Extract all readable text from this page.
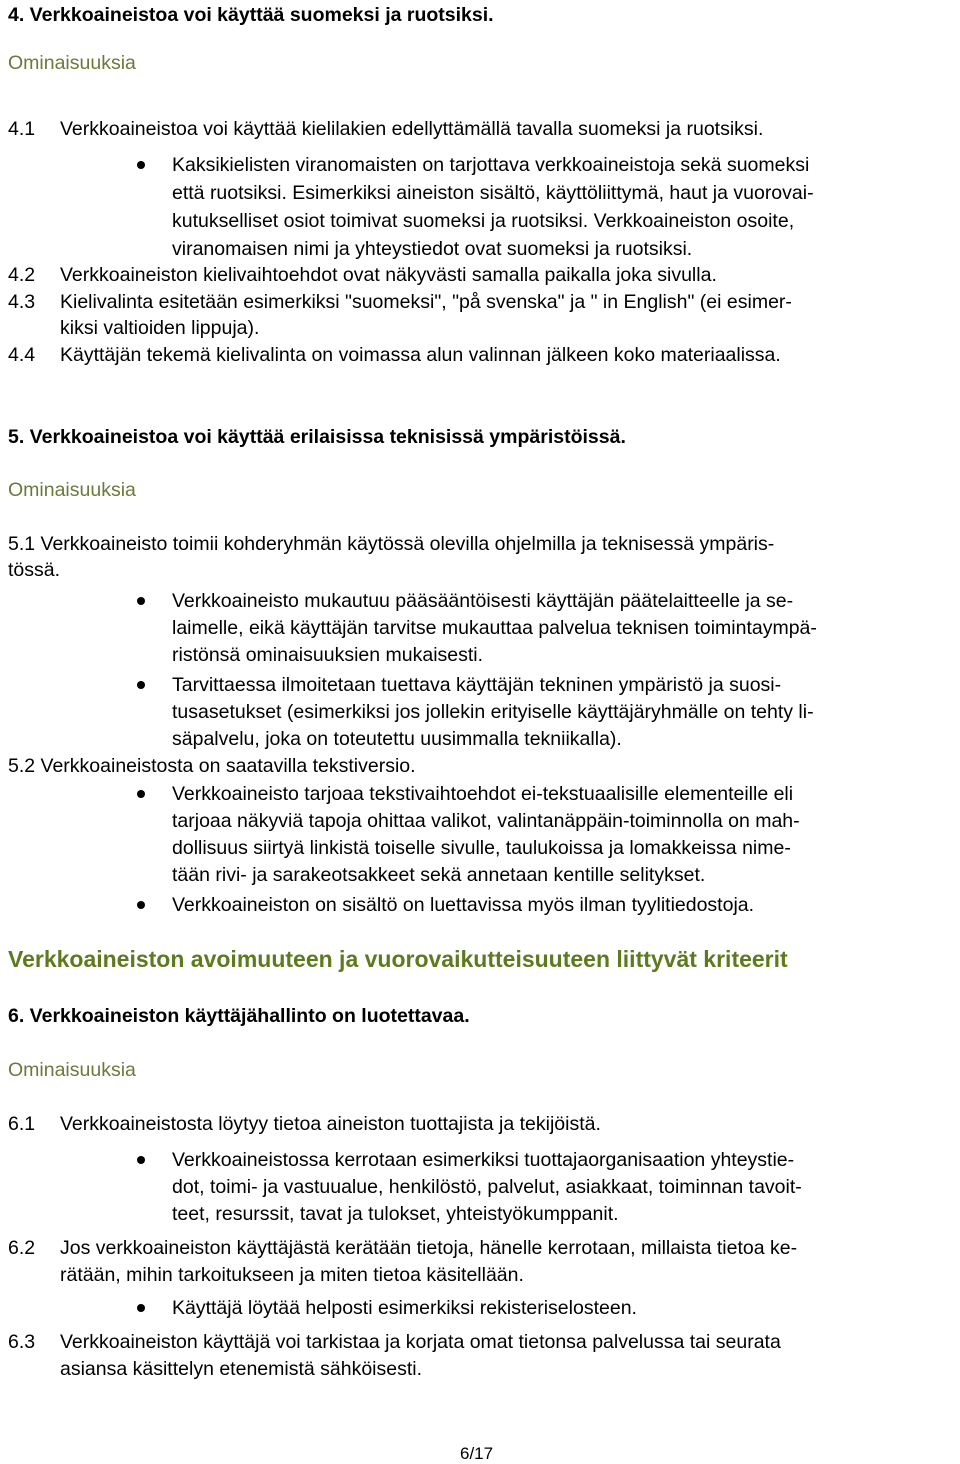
4. Verkkoaineistoa voi käyttää suomeksi ja ruotsiksi.
Ominaisuuksia
4.1 Verkkoaineistoa voi käyttää kielilakien edellyttämällä tavalla suomeksi ja ruotsiksi.
Kaksikielisten viranomaisten on tarjottava verkkoaineistoja sekä suomeksi
että ruotsiksi. Esimerkiksi aineiston sisältö, käyttöliittymä, haut ja vuorovai-
kutukselliset osiot toimivat suomeksi ja ruotsiksi. Verkkoaineiston osoite,
viranomaisen nimi ja yhteystiedot ovat suomeksi ja ruotsiksi.
4.2 Verkkoaineiston kielivaihtoehdot ovat näkyvästi samalla paikalla joka sivulla.
4.3 Kielivalinta esitetään esimerkiksi "suomeksi", "på svenska" ja " in English" (ei esimer-
kiksi valtioiden lippuja).
4.4 Käyttäjän tekemä kielivalinta on voimassa alun valinnan jälkeen koko materiaalissa.
5. Verkkoaineistoa voi käyttää erilaisissa teknisissä ympäristöissä.
Ominaisuuksia
5.1 Verkkoaineisto toimii kohderyhmän käytössä olevilla ohjelmilla ja teknisessä ympäris-
tössä.
Verkkoaineisto mukautuu pääsääntöisesti käyttäjän päätelaitteelle ja se-
laimelle, eikä käyttäjän tarvitse mukauttaa palvelua teknisen toimintaympä-
ristönsä ominaisuuksien mukaisesti.
Tarvittaessa ilmoitetaan tuettava käyttäjän tekninen ympäristö ja suosi-
tusasetukset (esimerkiksi jos jollekin erityiselle käyttäjäryhmälle on tehty li-
säpalvelu, joka on toteutettu uusimmalla tekniikalla).
5.2 Verkkoaineistosta on saatavilla tekstiversio.
Verkkoaineisto tarjoaa tekstivaihtoehdot ei-tekstuaalisille elementeille eli
tarjoaa näkyviä tapoja ohittaa valikot, valintanäppäin-toiminnolla on mah-
dollisuus siirtyä linkistä toiselle sivulle, taulukoissa ja lomakkeissa nime-
tään rivi- ja sarakeotsakkeet sekä annetaan kentille selitykset.
Verkkoaineiston on sisältö on luettavissa myös ilman tyylitiedostoja.
Verkkoaineiston avoimuuteen ja vuorovaikutteisuuteen liittyvät kriteerit
6. Verkkoaineiston käyttäjähallinto on luotettavaa.
Ominaisuuksia
6.1 Verkkoaineistosta löytyy tietoa aineiston tuottajista ja tekijöistä.
Verkkoaineistossa kerrotaan esimerkiksi tuottajaorganisaation yhteystie-
dot, toimi- ja vastuualue, henkilöstö, palvelut, asiakkaat, toiminnan tavoit-
teet, resurssit, tavat ja tulokset, yhteistyökumppanit.
6.2 Jos verkkoaineiston käyttäjästä kerätään tietoja, hänelle kerrotaan, millaista tietoa ke-
rätään, mihin tarkoitukseen ja miten tietoa käsitellään.
Käyttäjä löytää helposti esimerkiksi rekisteriselosteen.
6.3 Verkkoaineiston käyttäjä voi tarkistaa ja korjata omat tietonsa palvelussa tai seurata
asiansa käsittelyn etenemistä sähköisesti.
6/17
